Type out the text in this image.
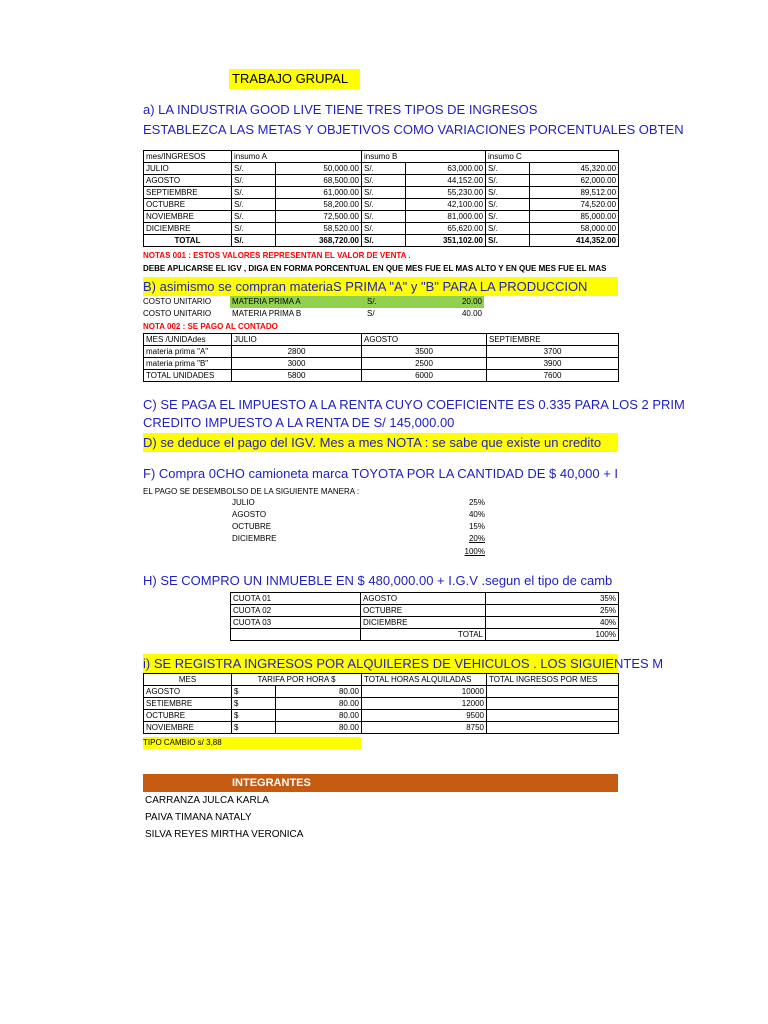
TRABAJO GRUPAL
a) LA INDUSTRIA GOOD LIVE TIENE TRES TIPOS DE INGRESOS
ESTABLEZCA LAS METAS Y OBJETIVOS COMO VARIACIONES PORCENTUALES OBTEN
mes/INGRESOS	insumo A		insumo B		insumo C	
JULIO	S/.	50,000.00	S/.	63,000.00	S/.	45,320.00
AGOSTO	S/.	68,500.00	S/.	44,152.00	S/.	62,000.00
SEPTIEMBRE	S/.	61,000.00	S/.	55,230.00	S/.	89,512.00
OCTUBRE	S/.	58,200.00	S/.	42,100.00	S/.	74,520.00
NOVIEMBRE	S/.	72,500.00	S/.	81,000.00	S/.	85,000.00
DICIEMBRE	S/.	58,520.00	S/.	65,620.00	S/.	58,000.00
TOTAL	S/.	368,720.00	S/.	351,102.00	S/.	414,352.00
NOTAS 001 : ESTOS VALORES REPRESENTAN EL VALOR DE VENTA .
DEBE APLICARSE EL IGV , DIGA EN FORMA PORCENTUAL EN QUE MES FUE EL MAS ALTO Y EN QUE MES FUE EL MAS
B) asimismo se compran materiaS PRIMA "A" y "B" PARA LA PRODUCCION
COSTO UNITARIO	MATERIA PRIMA A	S/.	20.00
COSTO UNITARIO	MATERIA PRIMA B	S/	40.00
NOTA 002 : SE PAGO AL CONTADO
MES /UNIDAdes	JULIO	AGOSTO	SEPTIEMBRE
materia prima "A"	2800	3500	3700
materia prima "B"	3000	2500	3900
TOTAL UNIDADES	5800	6000	7600
C) SE PAGA EL IMPUESTO A LA RENTA CUYO COEFICIENTE ES 0.335 PARA LOS 2 PRIM
CREDITO IMPUESTO A LA RENTA DE S/ 145,000.00
D) se deduce el pago del IGV. Mes a mes NOTA : se sabe que existe un credito
F) Compra 0CHO camioneta marca TOYOTA POR LA CANTIDAD DE $ 40,000 + I
EL PAGO SE DESEMBOLSO DE LA SIGUIENTE MANERA :
JULIO	25%
AGOSTO	40%
OCTUBRE	15%
DICIEMBRE	20%
100%
H) SE COMPRO UN INMUEBLE EN $ 480,000.00 + I.G.V .segun el tipo de camb
CUOTA 01	AGOSTO	35%
CUOTA 02	OCTUBRE	25%
CUOTA 03	DICIEMBRE	40%
	TOTAL	100%
i) SE REGISTRA INGRESOS POR ALQUILERES DE VEHICULOS . LOS SIGUIENTES M
MES	TARIFA POR HORA $		TOTAL HORAS ALQUILADAS	TOTAL INGRESOS POR MES
AGOSTO	$	80.00	10000	
SETIEMBRE	$	80.00	12000	
OCTUBRE	$	80.00	9500	
NOVIEMBRE	$	80.00	8750	
TIPO CAMBIO s/ 3,88
INTEGRANTES
CARRANZA JULCA KARLA
PAIVA TIMANA NATALY
SILVA REYES MIRTHA VERONICA
